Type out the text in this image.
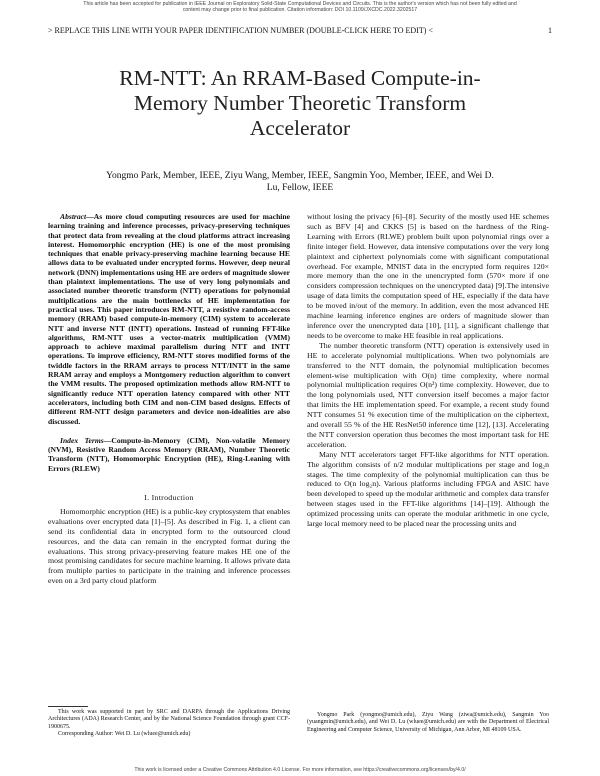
This article has been accepted for publication in IEEE Journal on Exploratory Solid-State Computational Devices and Circuits. This is the author's version which has not been fully edited and
content may change prior to final publication. Citation information: DOI 10.1109/JXCDC.2022.3202517
> REPLACE THIS LINE WITH YOUR PAPER IDENTIFICATION NUMBER (DOUBLE-CLICK HERE TO EDIT) <	1
RM-NTT: An RRAM-Based Compute-in-
Memory Number Theoretic Transform
Accelerator
Yongmo Park, Member, IEEE, Ziyu Wang, Member, IEEE, Sangmin Yoo, Member, IEEE, and Wei D.
Lu, Fellow, IEEE

Abstract—As more cloud computing resources are used for machine learning training and inference processes, privacy-preserving techniques that protect data from revealing at the cloud platforms attract increasing interest. Homomorphic encryption (HE) is one of the most promising techniques that enable privacy-preserving machine learning because HE allows data to be evaluated under encrypted forms. However, deep neural network (DNN) implementations using HE are orders of magnitude slower than plaintext implementations. The use of very long polynomials and associated number theoretic transform (NTT) operations for polynomial multiplications are the main bottlenecks of HE implementation for practical uses. This paper introduces RM-NTT, a resistive random-access memory (RRAM) based compute-in-memory (CIM) system to accelerate NTT and inverse NTT (INTT) operations. Instead of running FFT-like algorithms, RM-NTT uses a vector-matrix multiplication (VMM) approach to achieve maximal parallelism during NTT and INTT operations. To improve efficiency, RM-NTT stores modified forms of the twiddle factors in the RRAM arrays to process NTT/INTT in the same RRAM array and employs a Montgomery reduction algorithm to convert the VMM results. The proposed optimization methods allow RM-NTT to significantly reduce NTT operation latency compared with other NTT accelerators, including both CIM and non-CIM based designs. Effects of different RM-NTT design parameters and device non-idealities are also discussed.

Index Terms—Compute-in-Memory (CIM), Non-volatile Memory (NVM), Resistive Random Access Memory (RRAM), Number Theoretic Transform (NTT), Homomorphic Encryption (HE), Ring-Leaning with Errors (RLEW)

I. Introduction

Homomorphic encryption (HE) is a public-key cryptosystem that enables evaluations over encrypted data [1]–[5]. As described in Fig. 1, a client can send its confidential data in encrypted form to the outsourced cloud resources, and the data can remain in the encrypted format during the evaluations. This strong privacy-preserving feature makes HE one of the most promising candidates for secure machine learning. It allows private data from multiple parties to participate in the training and inference processes even on a 3rd party cloud platform

without losing the privacy [6]–[8]. Security of the mostly used HE schemes such as BFV [4] and CKKS [5] is based on the hardness of the Ring-Learning with Errors (RLWE) problem built upon polynomial rings over a finite integer field. However, data intensive computations over the very long plaintext and ciphertext polynomials come with significant computational overhead. For example, MNIST data in the encrypted form requires 120× more memory than the one in the unencrypted form (570× more if one considers compression techniques on the unencrypted data) [9].The intensive usage of data limits the computation speed of HE, especially if the data have to be moved in/out of the memory. In addition, even the most advanced HE machine learning inference engines are orders of magnitude slower than inference over the unencrypted data [10], [11], a significant challenge that needs to be overcome to make HE feasible in real applications.

The number theoretic transform (NTT) operation is extensively used in HE to accelerate polynomial multiplications. When two polynomials are transferred to the NTT domain, the polynomial multiplication becomes element-wise multiplication with O(n) time complexity, where normal polynomial multiplication requires O(n²) time complexity. However, due to the long polynomials used, NTT conversion itself becomes a major factor that limits the HE implementation speed. For example, a recent study found NTT consumes 51 % execution time of the multiplication on the ciphertext, and overall 55 % of the HE ResNet50 inference time [12], [13]. Accelerating the NTT conversion operation thus becomes the most important task for HE acceleration.

Many NTT accelerators target FFT-like algorithms for NTT operation. The algorithm consists of n/2 modular multiplications per stage and log₂n stages. The time complexity of the polynomial multiplication can thus be reduced to O(n log₂n). Various platforms including FPGA and ASIC have been developed to speed up the modular arithmetic and complex data transfer between stages used in the FFT-like algorithms [14]–[19]. Although the optimized processing units can operate the modular arithmetic in one cycle, large local memory need to be placed near the processing units and

This work was supported in part by SRC and DARPA through the Applications Driving Architectures (ADA) Research Center, and by the National Science Foundation through grant CCF-1900675.

Corresponding Author: Wei D. Lu (wluee@umich.edu)

Yongmo Park (yongmo@umich.edu), Ziyu Wang (ziwa@umich.edu), Sangmin Yoo (yuangmin@umich.edu), and Wei D. Lu (wluee@umich.edu) are with the Department of Electrical Engineering and Computer Science, University of Michigan, Ann Arbor, MI 48109 USA.

This work is licensed under a Creative Commons Attribution 4.0 License. For more information, see https://creativecommons.org/licenses/by/4.0/
